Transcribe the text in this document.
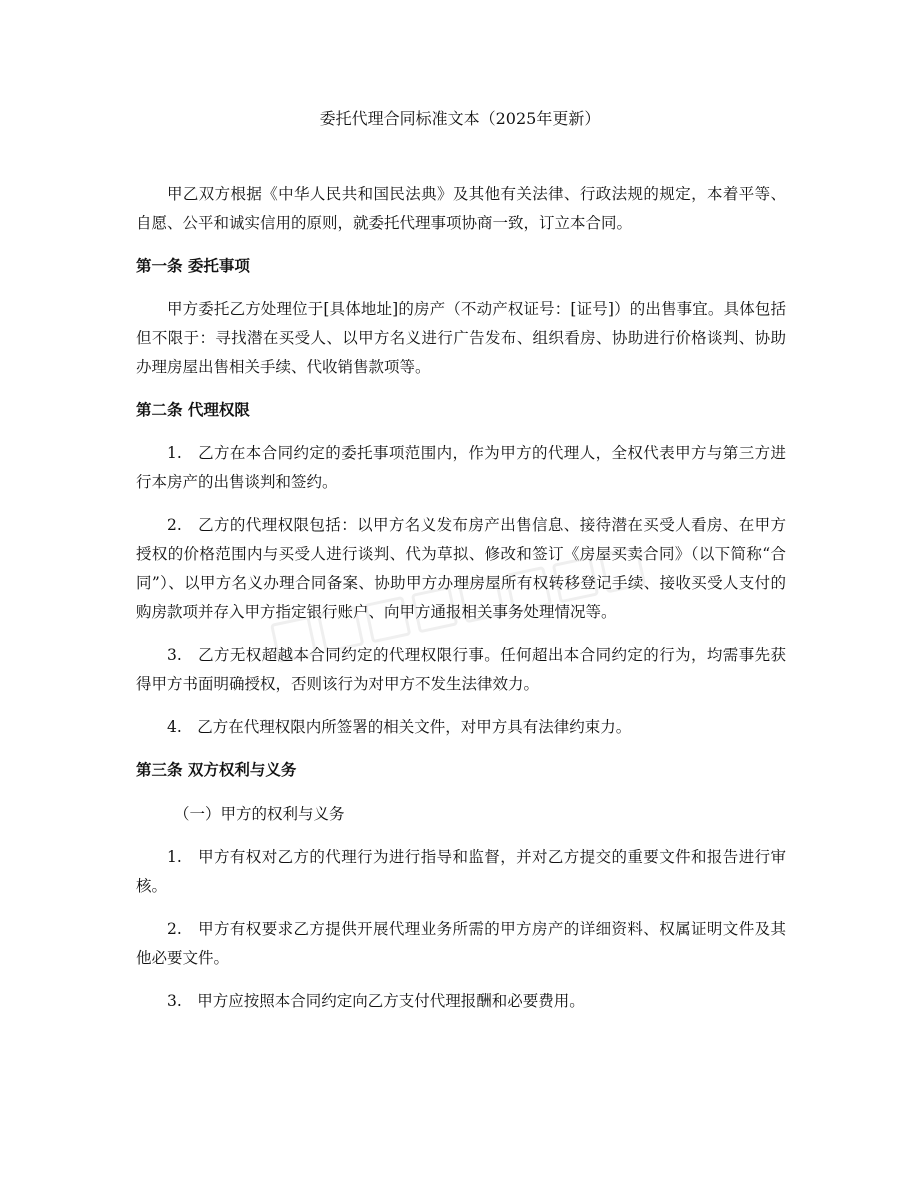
委托代理合同标准文本（2025年更新）

甲乙双方根据《中华人民共和国民法典》及其他有关法律、行政法规的规定，本着平等、自愿、公平和诚实信用的原则，就委托代理事项协商一致，订立本合同。

第一条 委托事项

甲方委托乙方处理位于[具体地址]的房产（不动产权证号：[证号]）的出售事宜。具体包括但不限于：寻找潜在买受人、以甲方名义进行广告发布、组织看房、协助进行价格谈判、协助办理房屋出售相关手续、代收销售款项等。

第二条 代理权限

1.　乙方在本合同约定的委托事项范围内，作为甲方的代理人，全权代表甲方与第三方进行本房产的出售谈判和签约。

2.　乙方的代理权限包括：以甲方名义发布房产出售信息、接待潜在买受人看房、在甲方授权的价格范围内与买受人进行谈判、代为草拟、修改和签订《房屋买卖合同》（以下简称“合同”）、以甲方名义办理合同备案、协助甲方办理房屋所有权转移登记手续、接收买受人支付的购房款项并存入甲方指定银行账户、向甲方通报相关事务处理情况等。

3.　乙方无权超越本合同约定的代理权限行事。任何超出本合同约定的行为，均需事先获得甲方书面明确授权，否则该行为对甲方不发生法律效力。

4.　乙方在代理权限内所签署的相关文件，对甲方具有法律约束力。

第三条 双方权利与义务

（一）甲方的权利与义务

1.　甲方有权对乙方的代理行为进行指导和监督，并对乙方提交的重要文件和报告进行审核。

2.　甲方有权要求乙方提供开展代理业务所需的甲方房产的详细资料、权属证明文件及其他必要文件。

3.　甲方应按照本合同约定向乙方支付代理报酬和必要费用。
